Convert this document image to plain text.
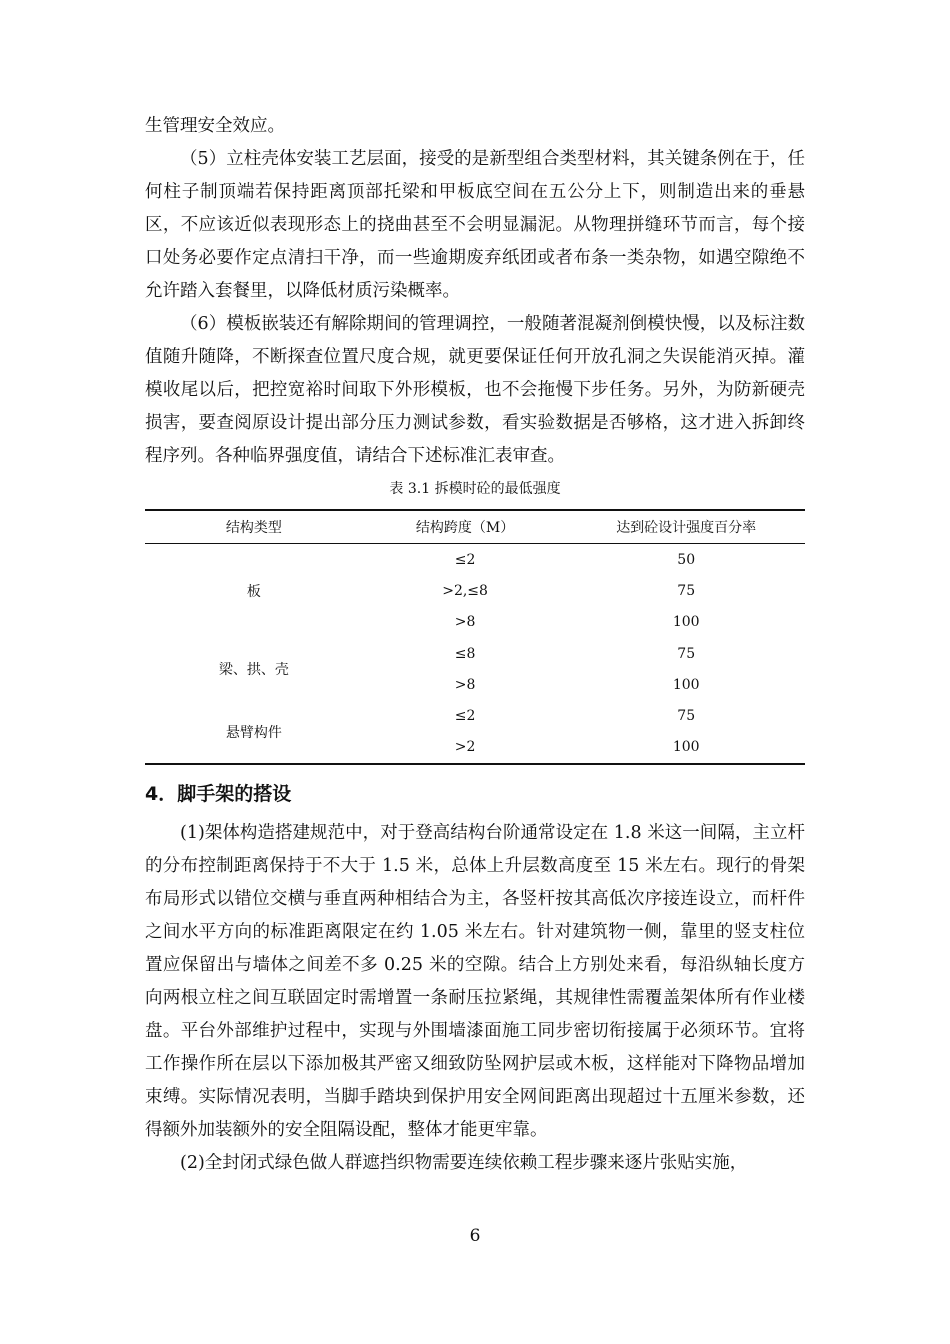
生管理安全效应。

（5）立柱壳体安装工艺层面，接受的是新型组合类型材料，其关键条例在于，任何柱子制顶端若保持距离顶部托梁和甲板底空间在五公分上下，则制造出来的垂悬区，不应该近似表现形态上的挠曲甚至不会明显漏泥。从物理拼缝环节而言，每个接口处务必要作定点清扫干净，而一些逾期废弃纸团或者布条一类杂物，如遇空隙绝不允许踏入套餐里，以降低材质污染概率。

（6）模板嵌装还有解除期间的管理调控，一般随著混凝剂倒模快慢，以及标注数值随升随降，不断探查位置尺度合规，就更要保证任何开放孔洞之失误能消灭掉。灌模收尾以后，把控宽裕时间取下外形模板，也不会拖慢下步任务。另外，为防新硬壳损害，要查阅原设计提出部分压力测试参数，看实验数据是否够格，这才进入拆卸终程序列。各种临界强度值，请结合下述标准汇表审查。

表 3.1 拆模时砼的最低强度
结构类型	结构跨度（M）	达到砼设计强度百分率
板	≤2	50
	>2,≤8	75
	>8	100
梁、拱、壳	≤8	75
	>8	100
悬臂构件	≤2	75
	>2	100
4．脚手架的搭设

(1)架体构造搭建规范中，对于登高结构台阶通常设定在 1.8 米这一间隔，主立杆的分布控制距离保持于不大于 1.5 米，总体上升层数高度至 15 米左右。现行的骨架布局形式以错位交横与垂直两种相结合为主，各竖杆按其高低次序接连设立，而杆件之间水平方向的标准距离限定在约 1.05 米左右。针对建筑物一侧，靠里的竖支柱位置应保留出与墙体之间差不多 0.25 米的空隙。结合上方别处来看，每沿纵轴长度方向两根立柱之间互联固定时需增置一条耐压拉紧绳，其规律性需覆盖架体所有作业楼盘。平台外部维护过程中，实现与外围墙漆面施工同步密切衔接属于必须环节。宜将工作操作所在层以下添加极其严密又细致防坠网护层或木板，这样能对下降物品增加束缚。实际情况表明，当脚手踏块到保护用安全网间距离出现超过十五厘米参数，还得额外加装额外的安全阻隔设配，整体才能更牢靠。

(2)全封闭式绿色做人群遮挡织物需要连续依赖工程步骤来逐片张贴实施，

6
